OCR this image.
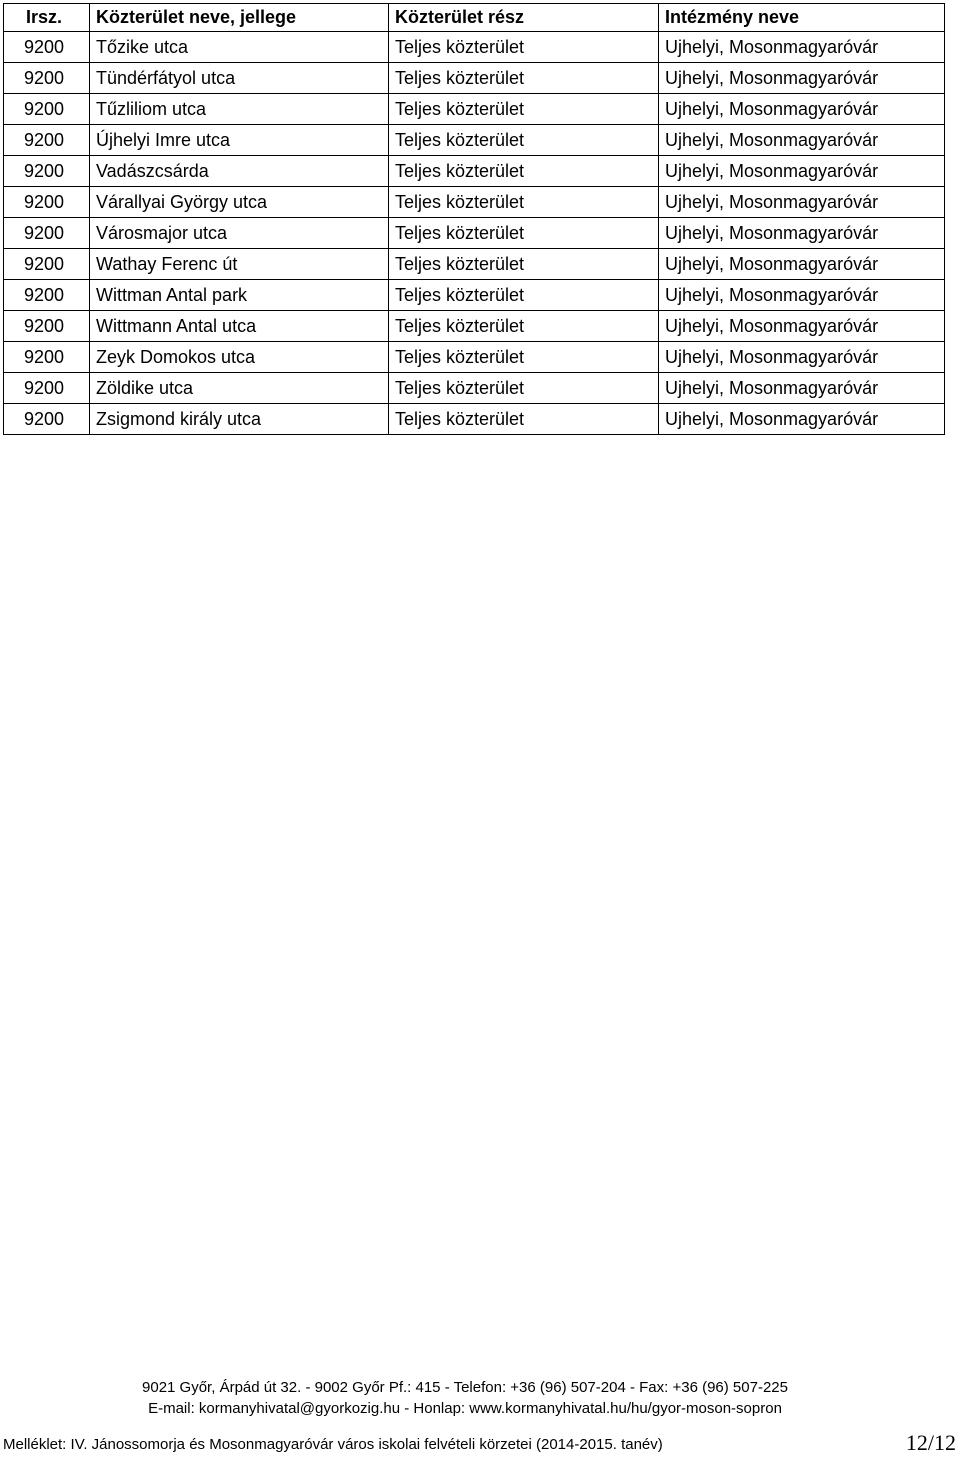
Irsz.	Közterület neve, jellege	Közterület rész	Intézmény neve
9200	Tőzike utca	Teljes közterület	Ujhelyi, Mosonmagyaróvár
9200	Tündérfátyol utca	Teljes közterület	Ujhelyi, Mosonmagyaróvár
9200	Tűzliliom utca	Teljes közterület	Ujhelyi, Mosonmagyaróvár
9200	Újhelyi Imre utca	Teljes közterület	Ujhelyi, Mosonmagyaróvár
9200	Vadászcsárda	Teljes közterület	Ujhelyi, Mosonmagyaróvár
9200	Várallyai György utca	Teljes közterület	Ujhelyi, Mosonmagyaróvár
9200	Városmajor utca	Teljes közterület	Ujhelyi, Mosonmagyaróvár
9200	Wathay Ferenc út	Teljes közterület	Ujhelyi, Mosonmagyaróvár
9200	Wittman Antal park	Teljes közterület	Ujhelyi, Mosonmagyaróvár
9200	Wittmann Antal utca	Teljes közterület	Ujhelyi, Mosonmagyaróvár
9200	Zeyk Domokos utca	Teljes közterület	Ujhelyi, Mosonmagyaróvár
9200	Zöldike utca	Teljes közterület	Ujhelyi, Mosonmagyaróvár
9200	Zsigmond király utca	Teljes közterület	Ujhelyi, Mosonmagyaróvár
9021 Győr, Árpád út 32. - 9002 Győr Pf.: 415 - Telefon: +36 (96) 507-204 - Fax: +36 (96) 507-225
E-mail: kormanyhivatal@gyorkozig.hu - Honlap: www.kormanyhivatal.hu/hu/gyor-moson-sopron
Melléklet: IV. Jánossomorja és Mosonmagyaróvár város iskolai felvételi körzetei (2014-2015. tanév)	12/12
